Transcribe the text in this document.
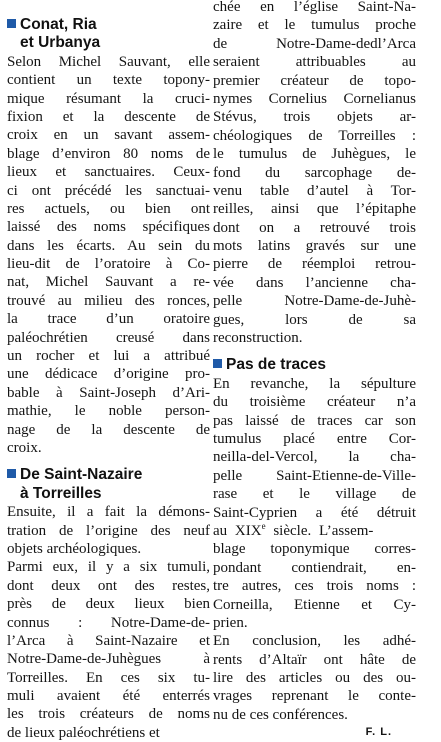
Conat, Ria
et Urbanya
Selon Michel Sauvant, elle
contient un texte topony-
mique résumant la cruci-
fixion et la descente de
croix en un savant assem-
blage d’environ 80 noms de
lieux et sanctuaires. Ceux-
ci ont précédé les sanctuai-
res actuels, ou bien ont
laissé des noms spécifiques
dans les écarts. Au sein du
lieu-dit de l’oratoire à Co-
nat, Michel Sauvant a re-
trouvé au milieu des ronces,
la trace d’un oratoire
paléochrétien creusé dans
un rocher et lui a attribué
une dédicace d’origine pro-
bable à Saint-Joseph d’Ari-
mathie, le noble person-
nage de la descente de
croix.
De Saint-Nazaire
à Torreilles
Ensuite, il a fait la démons-
tration de l’origine des neuf
objets archéologiques.
Parmi eux, il y a six tumuli,
dont deux ont des restes,
près de deux lieux bien
connus : Notre-Dame-de-
l’Arca à Saint-Nazaire et
Notre-Dame-de-Juhègues à
Torreilles. En ces six tu-
muli avaient été enterrés
les trois créateurs de noms
de lieux paléochrétiens et
chée en l’église Saint-Na-
zaire et le tumulus proche
de Notre-Dame-dedl’Arca
seraient attribuables au
premier créateur de topo-
nymes Cornelius Cornelianus
Stévus, trois objets ar-
chéologiques de Torreilles :
le tumulus de Juhègues, le
fond du sarcophage de-
venu table d’autel à Tor-
reilles, ainsi que l’épitaphe
dont on a retrouvé trois
mots latins gravés sur une
pierre de réemploi retrou-
vée dans l’ancienne cha-
pelle Notre-Dame-de-Juhè-
gues, lors de sa
reconstruction.
Pas de traces
En revanche, la sépulture
du troisième créateur n’a
pas laissé de traces car son
tumulus placé entre Cor-
neilla-del-Vercol, la cha-
pelle Saint-Etienne-de-Ville-
rase et le village de
Saint-Cyprien a été détruit
au XIXe siècle. L’assem-
blage toponymique corres-
pondant contiendrait, en-
tre autres, ces trois noms :
Corneilla, Etienne et Cy-
prien.
En conclusion, les adhé-
rents d’Altaïr ont hâte de
lire des articles ou des ou-
vrages reprenant le conte-
nu de ces conférences.
F. L.
